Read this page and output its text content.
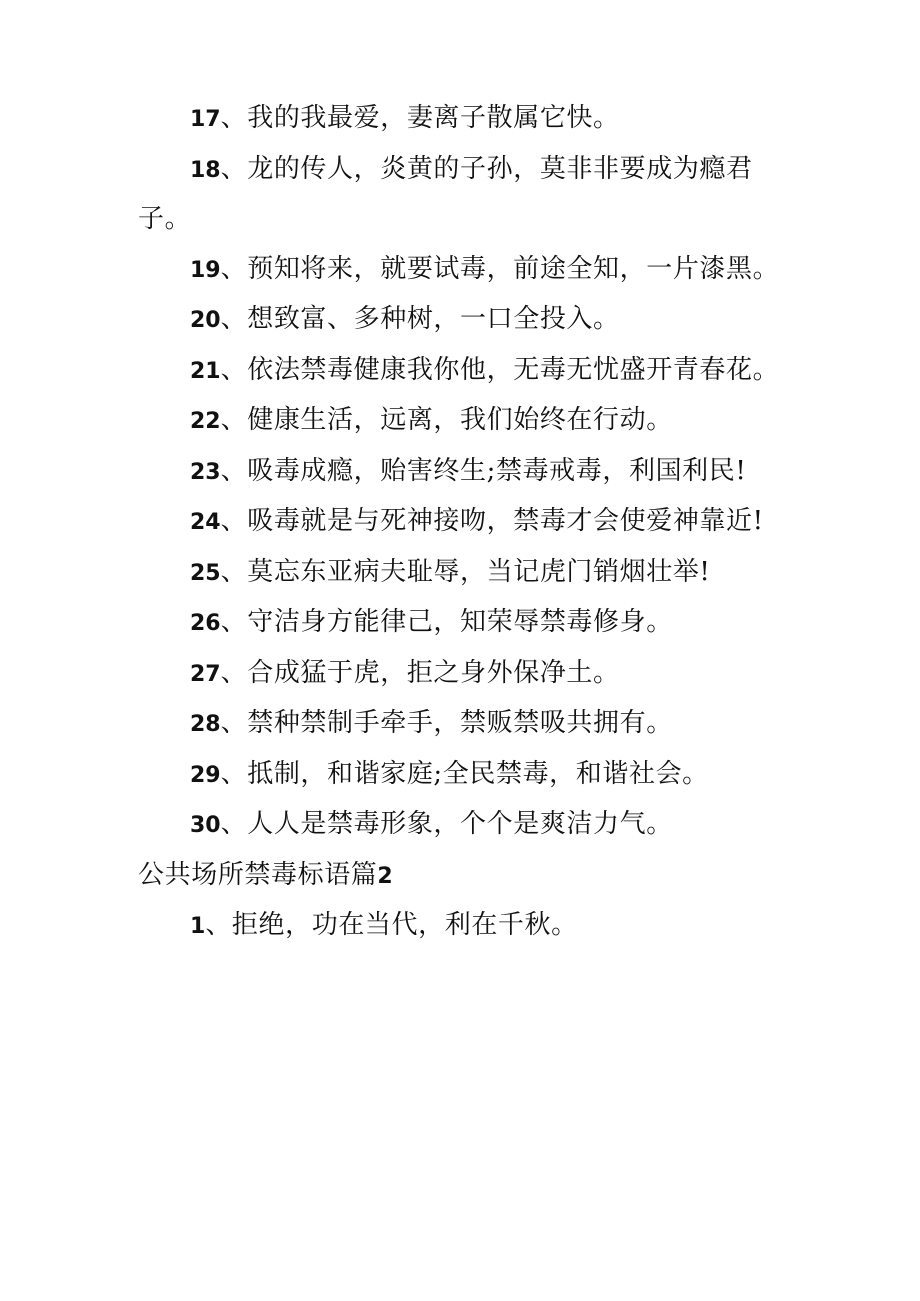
17、我的我最爱，妻离子散属它快。

18、龙的传人，炎黄的子孙，莫非非要成为瘾君子。

19、预知将来，就要试毒，前途全知，一片漆黑。

20、想致富、多种树，一口全投入。

21、依法禁毒健康我你他，无毒无忧盛开青春花。

22、健康生活，远离，我们始终在行动。

23、吸毒成瘾，贻害终生;禁毒戒毒，利国利民!

24、吸毒就是与死神接吻，禁毒才会使爱神靠近!

25、莫忘东亚病夫耻辱，当记虎门销烟壮举!

26、守洁身方能律己，知荣辱禁毒修身。

27、合成猛于虎，拒之身外保净土。

28、禁种禁制手牵手，禁贩禁吸共拥有。

29、抵制，和谐家庭;全民禁毒，和谐社会。

30、人人是禁毒形象，个个是爽洁力气。

公共场所禁毒标语篇2

1、拒绝，功在当代，利在千秋。
